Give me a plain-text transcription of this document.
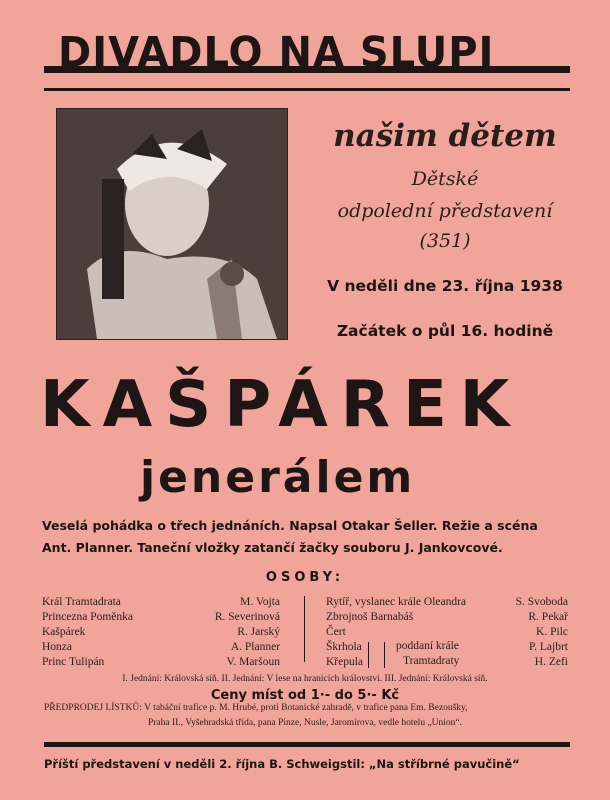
DIVADLO NA SLUPI
našim dětem
Dětské
odpolední představení
(351)
V neděli dne 23. října 1938
Začátek o půl 16. hodině
KAŠPÁREK
jenerálem
Veselá pohádka o třech jednáních. Napsal Otakar Šeller. Režie a scéna
Ant. Planner. Taneční vložky zatančí žačky souboru J. Jankovcové.
OSOBY:
Král Tramtadrata
Princezna Poměnka
Kašpárek
Honza
Princ Tulipán
M. Vojta
R. Severinová
R. Jarský
A. Planner
V. Maršoun
Rytíř, vyslanec krále Oleandra
Zbrojnoš Barnabáš
Čert
Škrhola
Křepula
poddaní krále
Tramtadraty
S. Svoboda
R. Pekař
K. Pilc
P. Lajbrt
H. Zefi
I. Jednání: Královská síň. II. Jednání: V lese na hranicích království. III. Jednání: Královská síň.
Ceny míst od 1·- do 5·- Kč
PŘEDPRODEJ LÍSTKŮ: V tabáční trafice p. M. Hrubé, proti Botanické zahradě, v trafice pana Em. Bezoušky,
Praha II., Vyšehradská třída, pana Pinze, Nusle, Jaromírova, vedle hotelu „Union“.
Příští představení v neděli 2. října B. Schweigstil: „Na stříbrné pavučině“
